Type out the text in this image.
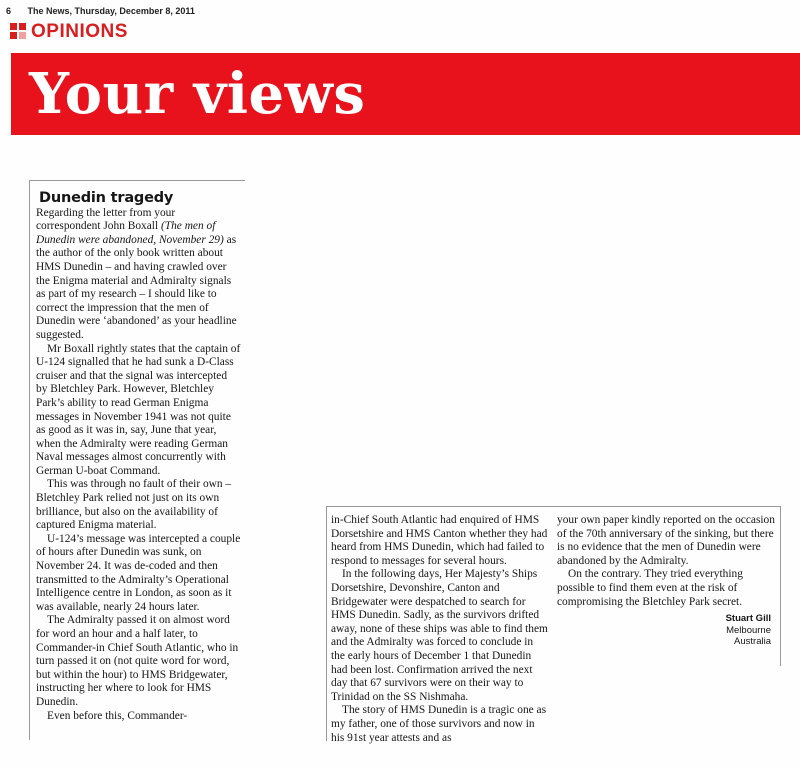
6 The News, Thursday, December 8, 2011
OPINIONS
Your views
Dunedin tragedy

Regarding the letter from your correspondent John Boxall (The men of Dunedin were abandoned, November 29) as the author of the only book written about HMS Dunedin – and having crawled over the Enigma material and Admiralty signals as part of my research – I should like to correct the impression that the men of Dunedin were ‘abandoned’ as your headline suggested.

Mr Boxall rightly states that the captain of U-124 signalled that he had sunk a D-Class cruiser and that the signal was intercepted by Bletchley Park. However, Bletchley Park’s ability to read German Enigma messages in November 1941 was not quite as good as it was in, say, June that year, when the Admiralty were reading German Naval messages almost concurrently with German U-boat Command.

This was through no fault of their own – Bletchley Park relied not just on its own brilliance, but also on the availability of captured Enigma material.

U-124’s message was intercepted a couple of hours after Dunedin was sunk, on November 24. It was de-coded and then transmitted to the Admiralty’s Operational Intelligence centre in London, as soon as it was available, nearly 24 hours later.

The Admiralty passed it on almost word for word an hour and a half later, to Commander-in Chief South Atlantic, who in turn passed it on (not quite word for word, but within the hour) to HMS Bridgewater, instructing her where to look for HMS Dunedin.

Even before this, Commander-

in-Chief South Atlantic had enquired of HMS Dorsetshire and HMS Canton whether they had heard from HMS Dunedin, which had failed to respond to messages for several hours.

In the following days, Her Majesty’s Ships Dorsetshire, Devonshire, Canton and Bridgewater were despatched to search for HMS Dunedin. Sadly, as the survivors drifted away, none of these ships was able to find them and the Admiralty was forced to conclude in the early hours of December 1 that Dunedin had been lost. Confirmation arrived the next day that 67 survivors were on their way to Trinidad on the SS Nishmaha.

The story of HMS Dunedin is a tragic one as my father, one of those survivors and now in his 91st year attests and as

your own paper kindly reported on the occasion of the 70th anniversary of the sinking, but there is no evidence that the men of Dunedin were abandoned by the Admiralty.

On the contrary. They tried everything possible to find them even at the risk of compromising the Bletchley Park secret.

Stuart Gill
Melbourne
Australia
